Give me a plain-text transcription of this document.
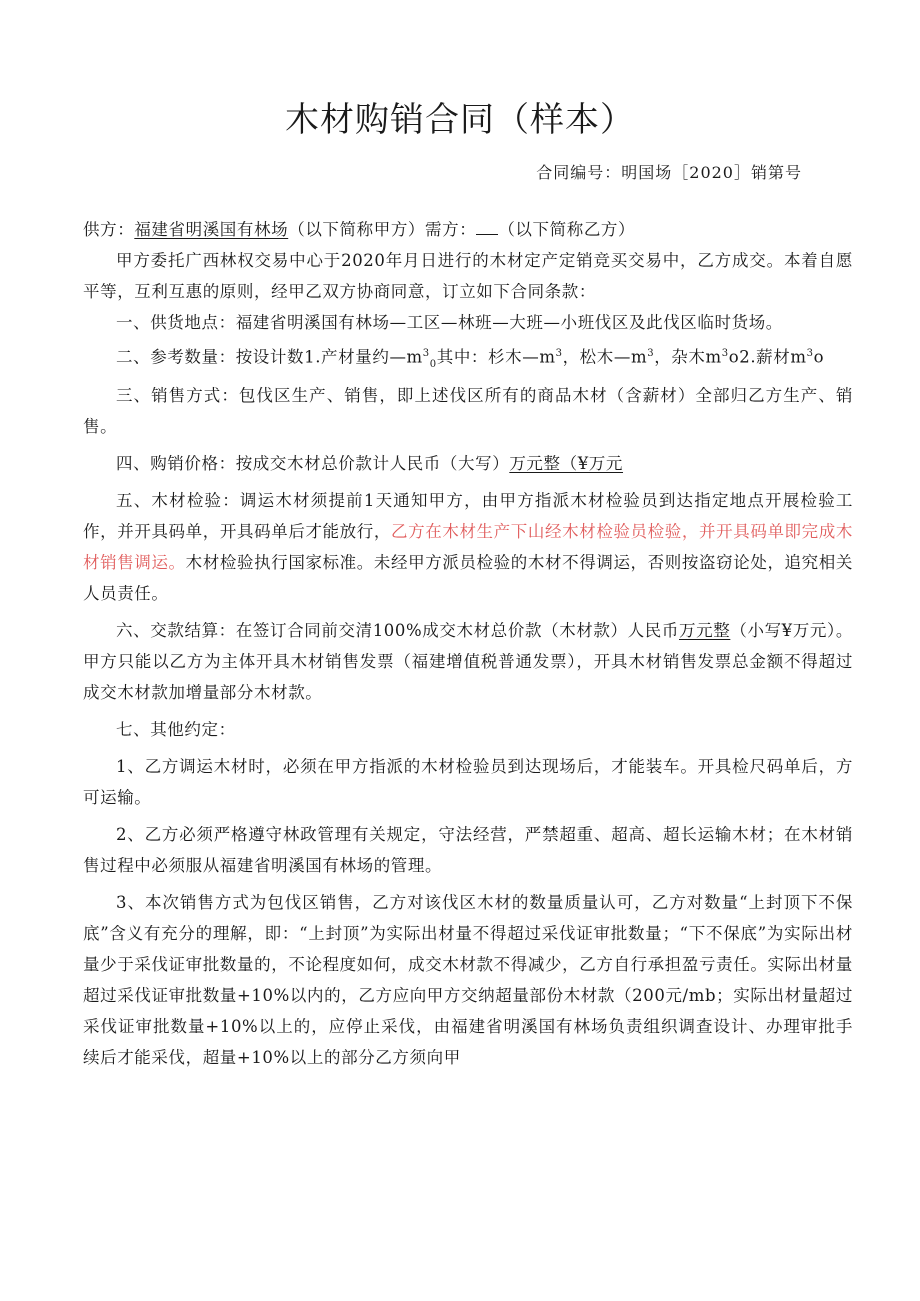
木材购销合同（样本）
合同编号：明国场［2020］销第号

供方：福建省明溪国有林场（以下简称甲方）需方： （以下简称乙方）

甲方委托广西林权交易中心于2020年月日进行的木材定产定销竞买交易中，乙方成交。本着自愿平等，互利互惠的原则，经甲乙双方协商同意，订立如下合同条款：

一、供货地点：福建省明溪国有林场—工区—林班—大班—小班伐区及此伐区临时货场。

二、参考数量：按设计数1.产材量约$—m^3_0$其中：杉木$—m^3$，松木$—m^3$，杂木$m^3o2$.薪材$m^3o$

三、销售方式：包伐区生产、销售，即上述伐区所有的商品木材（含薪材）全部归乙方生产、销售。

四、购销价格：按成交木材总价款计人民币（大写）万元整（¥万元

五、木材检验：调运木材须提前1天通知甲方，由甲方指派木材检验员到达指定地点开展检验工作，并开具码单，开具码单后才能放行，乙方在木材生产下山经木材检验员检验，并开具码单即完成木材销售调运。木材检验执行国家标准。未经甲方派员检验的木材不得调运，否则按盗窃论处，追究相关人员责任。

六、交款结算：在签订合同前交清100%成交木材总价款（木材款）人民币万元整（小写¥万元）。甲方只能以乙方为主体开具木材销售发票（福建增值税普通发票），开具木材销售发票总金额不得超过成交木材款加增量部分木材款。

七、其他约定：

1、乙方调运木材时，必须在甲方指派的木材检验员到达现场后，才能装车。开具检尺码单后，方可运输。

2、乙方必须严格遵守林政管理有关规定，守法经营，严禁超重、超高、超长运输木材；在木材销售过程中必须服从福建省明溪国有林场的管理。

3、本次销售方式为包伐区销售，乙方对该伐区木材的数量质量认可，乙方对数量“上封顶下不保底”含义有充分的理解，即：“上封顶”为实际出材量不得超过采伐证审批数量；“下不保底”为实际出材量少于采伐证审批数量的，不论程度如何，成交木材款不得减少，乙方自行承担盈亏责任。实际出材量超过采伐证审批数量+10%以内的，乙方应向甲方交纳超量部份木材款（200元/mb；实际出材量超过采伐证审批数量+10%以上的，应停止采伐，由福建省明溪国有林场负责组织调查设计、办理审批手续后才能采伐，超量+10%以上的部分乙方须向甲
